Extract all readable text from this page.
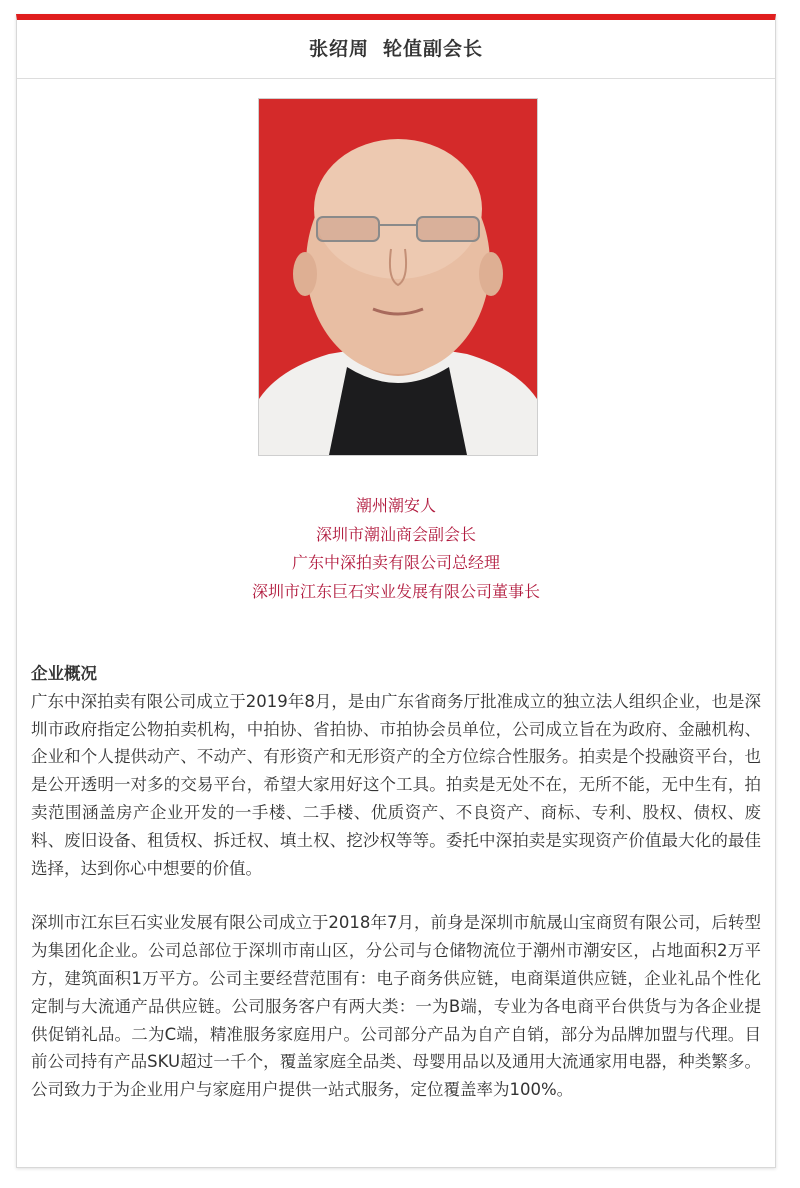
张绍周 轮值副会长
潮州潮安人
深圳市潮汕商会副会长
广东中深拍卖有限公司总经理
深圳市江东巨石实业发展有限公司董事长

企业概况

广东中深拍卖有限公司成立于2019年8月，是由广东省商务厅批准成立的独立法人组织企业，也是深圳市政府指定公物拍卖机构，中拍协、省拍协、市拍协会员单位，公司成立旨在为政府、金融机构、企业和个人提供动产、不动产、有形资产和无形资产的全方位综合性服务。拍卖是个投融资平台，也是公开透明一对多的交易平台，希望大家用好这个工具。拍卖是无处不在，无所不能，无中生有，拍卖范围涵盖房产企业开发的一手楼、二手楼、优质资产、不良资产、商标、专利、股权、债权、废料、废旧设备、租赁权、拆迁权、填土权、挖沙权等等。委托中深拍卖是实现资产价值最大化的最佳选择，达到你心中想要的价值。

深圳市江东巨石实业发展有限公司成立于2018年7月，前身是深圳市航晟山宝商贸有限公司，后转型为集团化企业。公司总部位于深圳市南山区，分公司与仓储物流位于潮州市潮安区，占地面积2万平方，建筑面积1万平方。公司主要经营范围有：电子商务供应链，电商渠道供应链，企业礼品个性化定制与大流通产品供应链。公司服务客户有两大类：一为B端，专业为各电商平台供货与为各企业提供促销礼品。二为C端，精准服务家庭用户。公司部分产品为自产自销，部分为品牌加盟与代理。目前公司持有产品SKU超过一千个，覆盖家庭全品类、母婴用品以及通用大流通家用电器，种类繁多。公司致力于为企业用户与家庭用户提供一站式服务，定位覆盖率为100%。
